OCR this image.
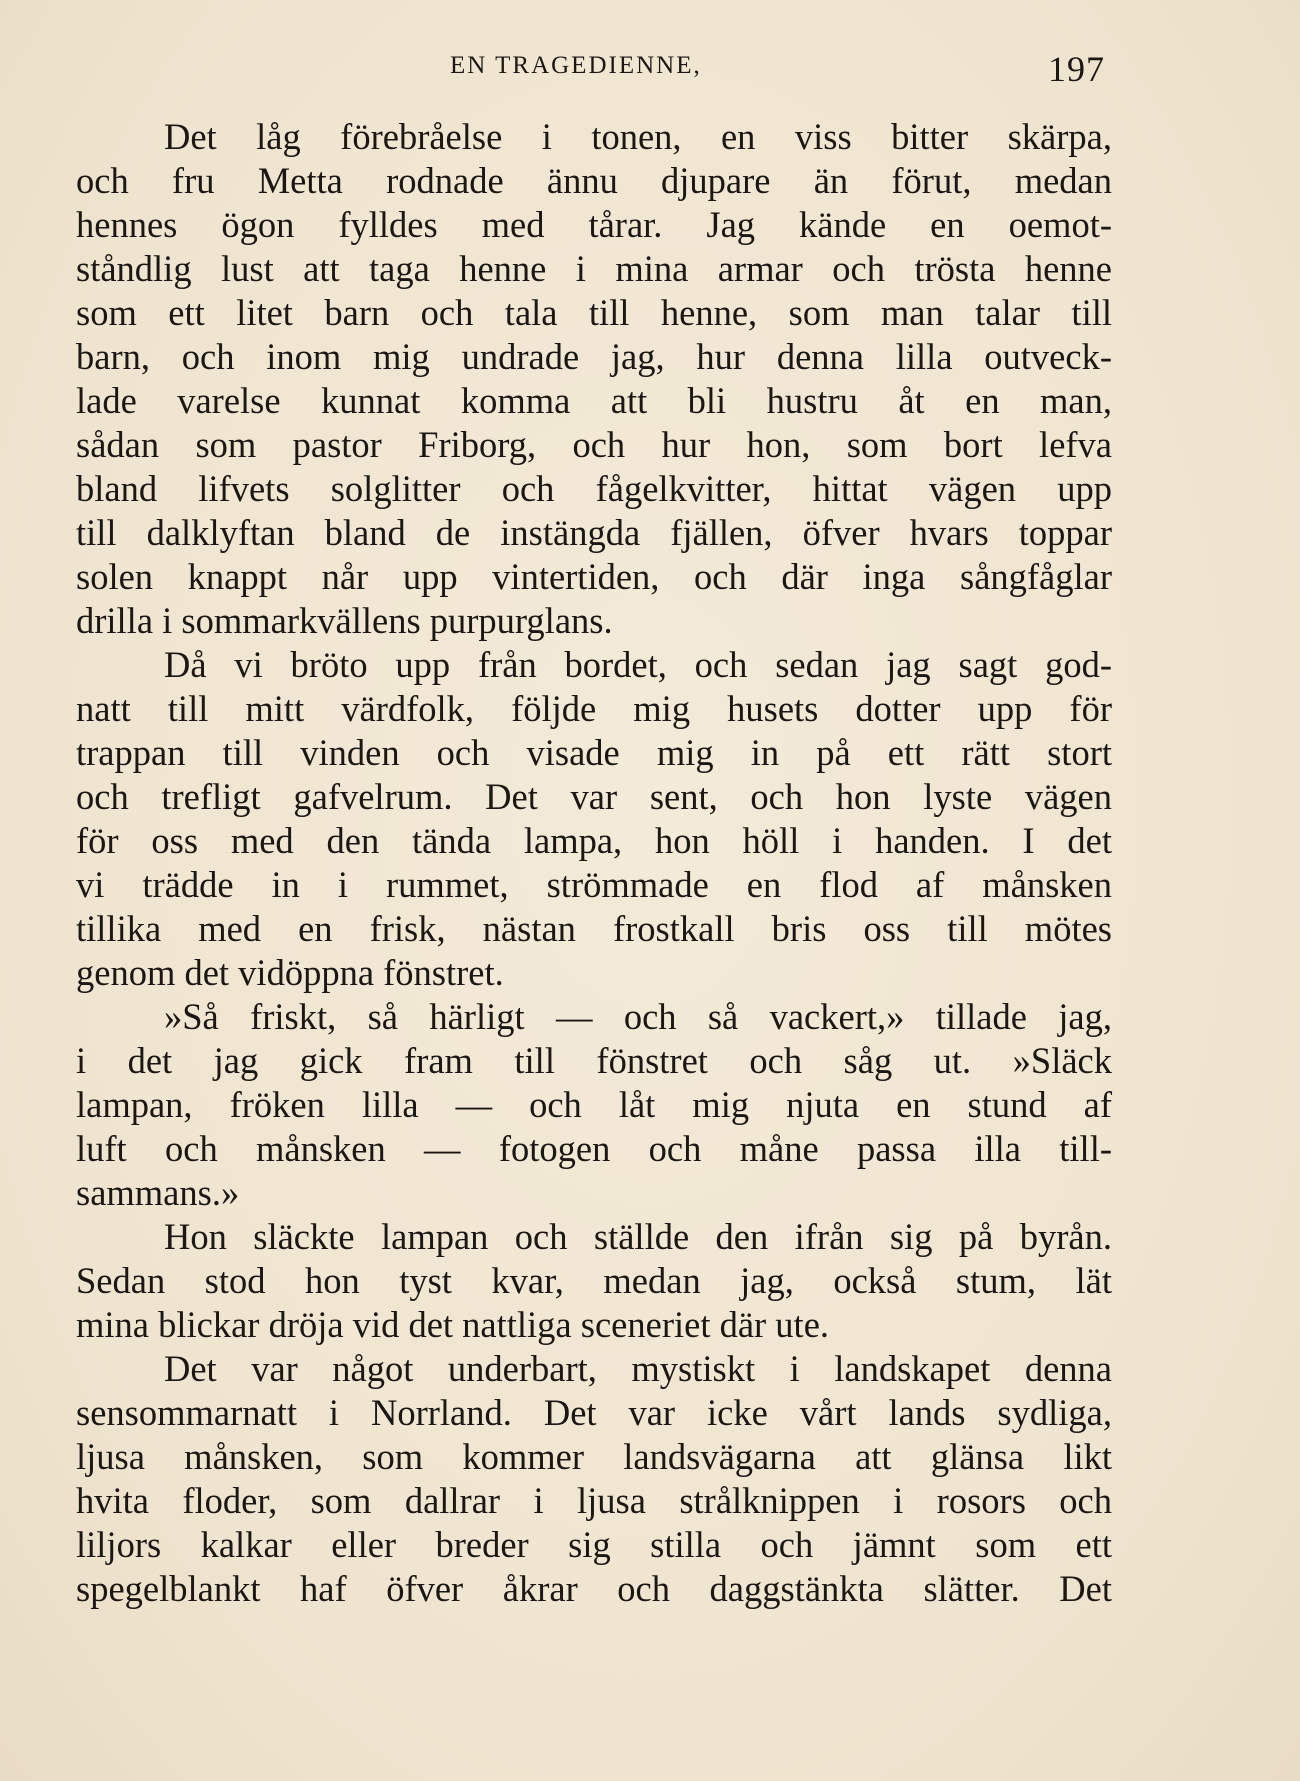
EN TRAGEDIENNE,	197
Det låg förebråelse i tonen, en viss bitter skärpa,
och fru Metta rodnade ännu djupare än förut, medan
hennes ögon fylldes med tårar. Jag kände en oemot-
ståndlig lust att taga henne i mina armar och trösta henne
som ett litet barn och tala till henne, som man talar till
barn, och inom mig undrade jag, hur denna lilla outveck-
lade varelse kunnat komma att bli hustru åt en man,
sådan som pastor Friborg, och hur hon, som bort lefva
bland lifvets solglitter och fågelkvitter, hittat vägen upp
till dalklyftan bland de instängda fjällen, öfver hvars toppar
solen knappt når upp vintertiden, och där inga sångfåglar
drilla i sommarkvällens purpurglans.
Då vi bröto upp från bordet, och sedan jag sagt god-
natt till mitt värdfolk, följde mig husets dotter upp för
trappan till vinden och visade mig in på ett rätt stort
och trefligt gafvelrum. Det var sent, och hon lyste vägen
för oss med den tända lampa, hon höll i handen. I det
vi trädde in i rummet, strömmade en flod af månsken
tillika med en frisk, nästan frostkall bris oss till mötes
genom det vidöppna fönstret.
»Så friskt, så härligt — och så vackert,» tillade jag,
i det jag gick fram till fönstret och såg ut. »Släck
lampan, fröken lilla — och låt mig njuta en stund af
luft och månsken — fotogen och måne passa illa till-
sammans.»
Hon släckte lampan och ställde den ifrån sig på byrån.
Sedan stod hon tyst kvar, medan jag, också stum, lät
mina blickar dröja vid det nattliga sceneriet där ute.
Det var något underbart, mystiskt i landskapet denna
sensommarnatt i Norrland. Det var icke vårt lands sydliga,
ljusa månsken, som kommer landsvägarna att glänsa likt
hvita floder, som dallrar i ljusa strålknippen i rosors och
liljors kalkar eller breder sig stilla och jämnt som ett
spegelblankt haf öfver åkrar och daggstänkta slätter. Det
